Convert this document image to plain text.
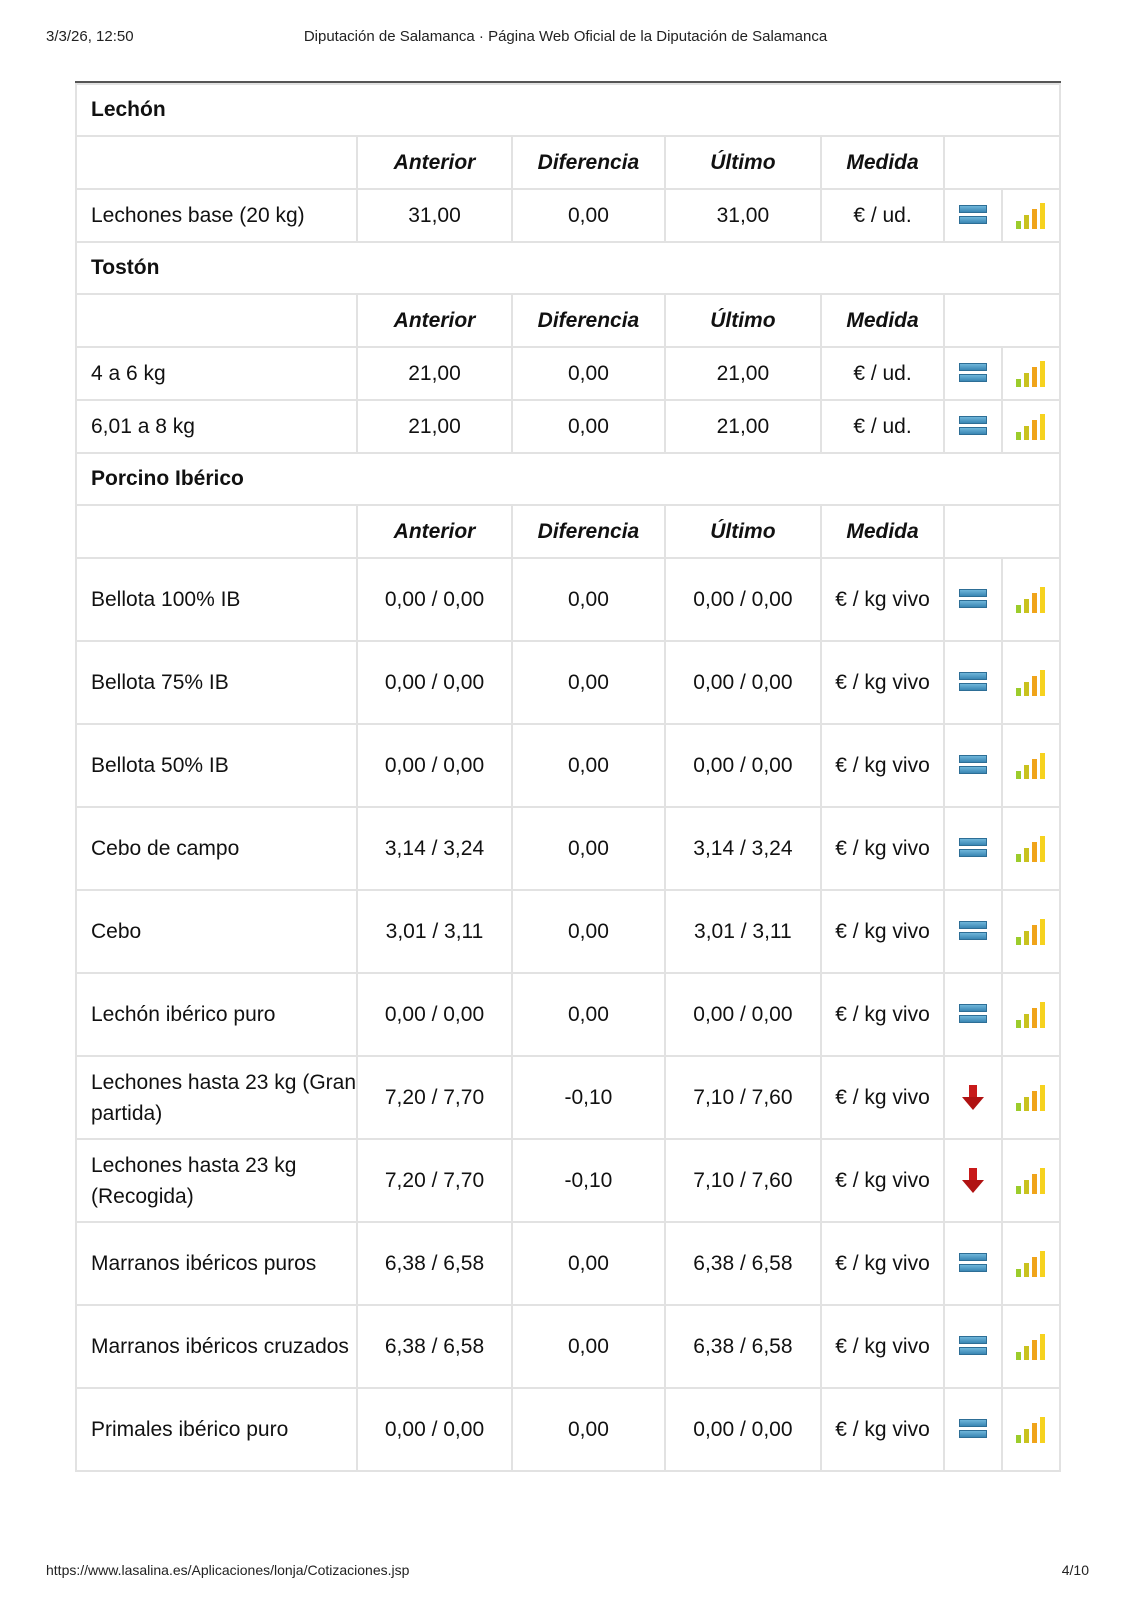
3/3/26, 12:50	Diputación de Salamanca · Página Web Oficial de la Diputación de Salamanca
Lechón						
	Anterior	Diferencia	Último	Medida		
Lechones base (20 kg)	31,00	0,00	31,00	€ / ud.	

Tostón						
	Anterior	Diferencia	Último	Medida		
4 a 6 kg	21,00	0,00	21,00	€ / ud.	

6,01 a 8 kg	21,00	0,00	21,00	€ / ud.	

Porcino Ibérico						
	Anterior	Diferencia	Último	Medida		
Bellota 100% IB	0,00 / 0,00	0,00	0,00 / 0,00	€ / kg vivo	

Bellota 75% IB	0,00 / 0,00	0,00	0,00 / 0,00	€ / kg vivo	

Bellota 50% IB	0,00 / 0,00	0,00	0,00 / 0,00	€ / kg vivo	

Cebo de campo	3,14 / 3,24	0,00	3,14 / 3,24	€ / kg vivo	

Cebo	3,01 / 3,11	0,00	3,01 / 3,11	€ / kg vivo	

Lechón ibérico puro	0,00 / 0,00	0,00	0,00 / 0,00	€ / kg vivo	

Lechones hasta 23 kg (Gran partida)	7,20 / 7,70	-0,10	7,10 / 7,60	€ / kg vivo	

Lechones hasta 23 kg (Recogida)	7,20 / 7,70	-0,10	7,10 / 7,60	€ / kg vivo	

Marranos ibéricos puros	6,38 / 6,58	0,00	6,38 / 6,58	€ / kg vivo	

Marranos ibéricos cruzados	6,38 / 6,58	0,00	6,38 / 6,58	€ / kg vivo	

Primales ibérico puro	0,00 / 0,00	0,00	0,00 / 0,00	€ / kg vivo	

https://www.lasalina.es/Aplicaciones/lonja/Cotizaciones.jsp	4/10
